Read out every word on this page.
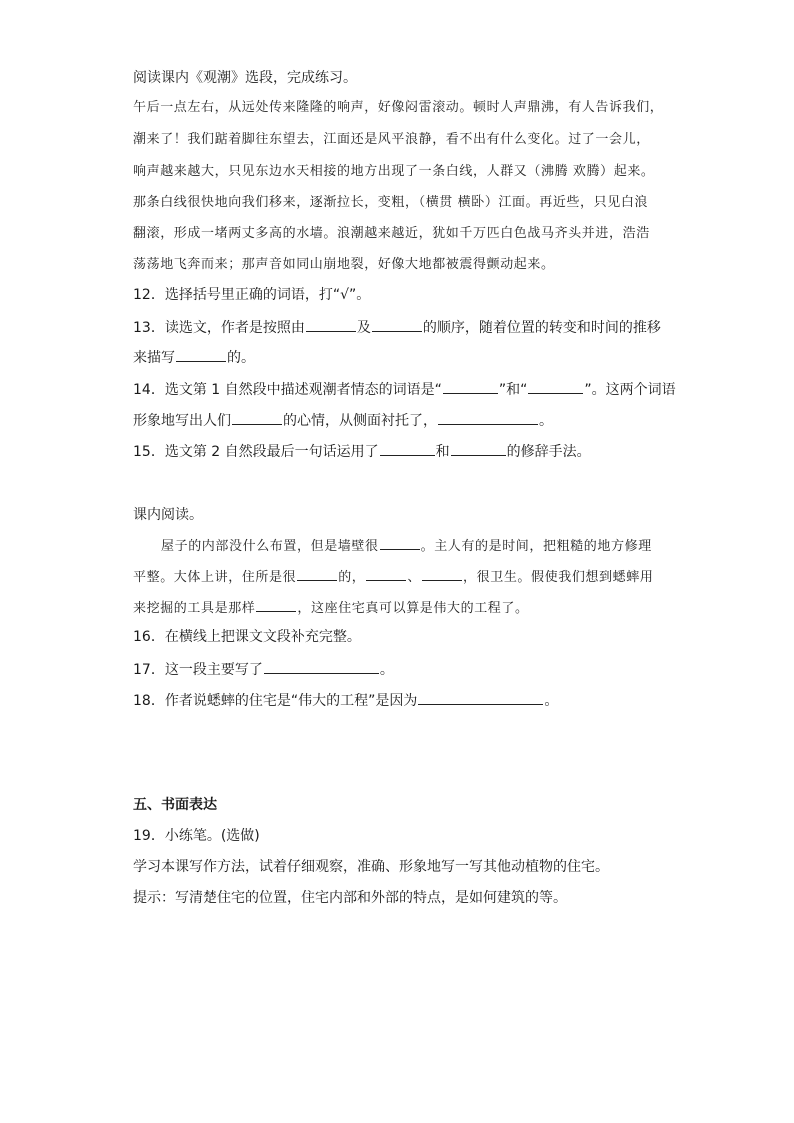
阅读课内《观潮》选段，完成练习。
午后一点左右，从远处传来隆隆的响声，好像闷雷滚动。顿时人声鼎沸，有人告诉我们，
潮来了！我们踮着脚往东望去，江面还是风平浪静，看不出有什么变化。过了一会儿，
响声越来越大，只见东边水天相接的地方出现了一条白线，人群又（沸腾 欢腾）起来。
那条白线很快地向我们移来，逐渐拉长，变粗，（横贯 横卧）江面。再近些，只见白浪
翻滚，形成一堵两丈多高的水墙。浪潮越来越近，犹如千万匹白色战马齐头并进，浩浩
荡荡地飞奔而来；那声音如同山崩地裂，好像大地都被震得颤动起来。
12．选择括号里正确的词语，打“√”。
13．读选文，作者是按照由	及	的顺序，随着位置的转变和时间的推移
来描写	的。
14．选文第 1 自然段中描述观潮者情态的词语是“	”和“	”。这两个词语
形象地写出人们	的心情，从侧面衬托了，	。
15．选文第 2 自然段最后一句话运用了	和	的修辞手法。
课内阅读。
屋子的内部没什么布置，但是墙壁很	。主人有的是时间，把粗糙的地方修理
平整。大体上讲，住所是很	的，	、	，很卫生。假使我们想到蟋蟀用
来挖掘的工具是那样	，这座住宅真可以算是伟大的工程了。
16．在横线上把课文文段补充完整。
17．这一段主要写了	。
18．作者说蟋蟀的住宅是“伟大的工程”是因为	。
五、书面表达
19．小练笔。(选做)
学习本课写作方法，试着仔细观察，准确、形象地写一写其他动植物的住宅。
提示：写清楚住宅的位置，住宅内部和外部的特点，是如何建筑的等。
